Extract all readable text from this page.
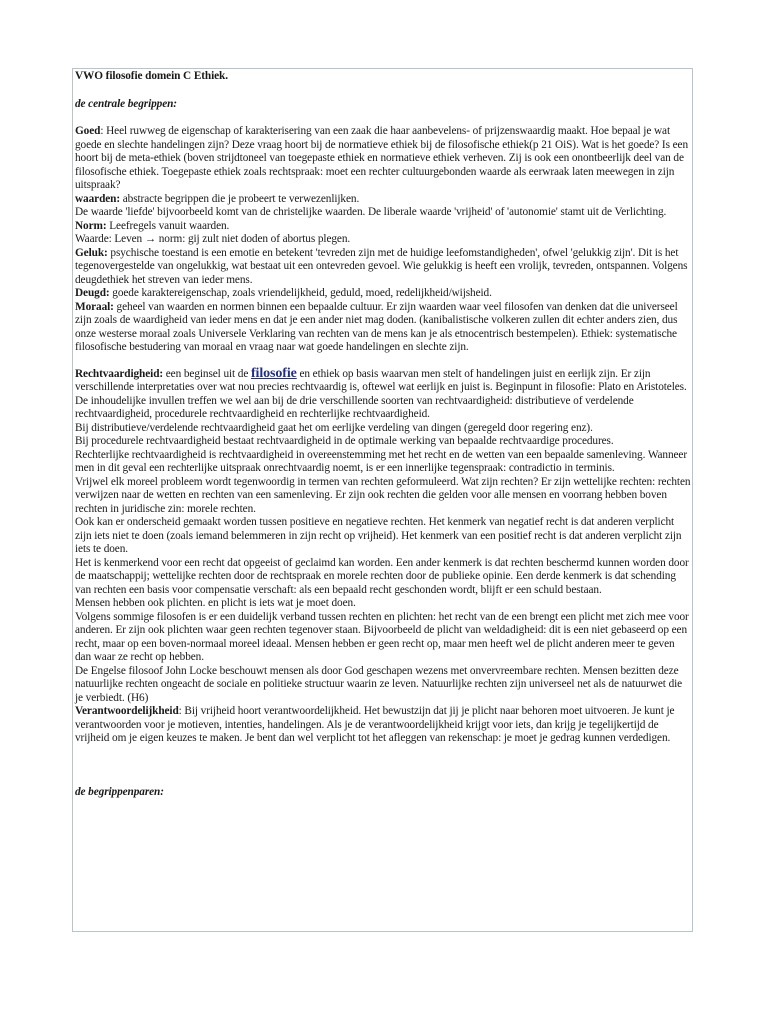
VWO filosofie domein C Ethiek.

de centrale begrippen:

Goed: Heel ruwweg de eigenschap of karakterisering van een zaak die haar aanbevelens- of prijzenswaardig maakt. Hoe bepaal je wat goede en slechte handelingen zijn? Deze vraag hoort bij de normatieve ethiek bij de filosofische ethiek(p 21 OiS). Wat is het goede? Is een hoort bij de meta-ethiek (boven strijdtoneel van toegepaste ethiek en normatieve ethiek verheven. Zij is ook een onontbeerlijk deel van de filosofische ethiek. Toegepaste ethiek zoals rechtspraak: moet een rechter cultuurgebonden waarde als eerwraak laten meewegen in zijn uitspraak?

waarden: abstracte begrippen die je probeert te verwezenlijken.

De waarde 'liefde' bijvoorbeeld komt van de christelijke waarden. De liberale waarde 'vrijheid' of 'autonomie' stamt uit de Verlichting.

Norm: Leefregels vanuit waarden.

Waarde: Leven → norm: gij zult niet doden of abortus plegen.

Geluk: psychische toestand is een emotie en betekent 'tevreden zijn met de huidige leefomstandigheden', ofwel 'gelukkig zijn'. Dit is het tegenovergestelde van ongelukkig, wat bestaat uit een ontevreden gevoel. Wie gelukkig is heeft een vrolijk, tevreden, ontspannen. Volgens deugdethiek het streven van ieder mens.

Deugd: goede karaktereigenschap, zoals vriendelijkheid, geduld, moed, redelijkheid/wijsheid.

Moraal: geheel van waarden en normen binnen een bepaalde cultuur. Er zijn waarden waar veel filosofen van denken dat die universeel zijn zoals de waardigheid van ieder mens en dat je een ander niet mag doden. (kanibalistische volkeren zullen dit echter anders zien, dus onze westerse moraal zoals Universele Verklaring van rechten van de mens kan je als etnocentrisch bestempelen). Ethiek: systematische filosofische bestudering van moraal en vraag naar wat goede handelingen en slechte zijn.

Rechtvaardigheid: een beginsel uit de filosofie en ethiek op basis waarvan men stelt of handelingen juist en eerlijk zijn. Er zijn verschillende interpretaties over wat nou precies rechtvaardig is, oftewel wat eerlijk en juist is. Beginpunt in filosofie: Plato en Aristoteles. De inhoudelijke invullen treffen we wel aan bij de drie verschillende soorten van rechtvaardigheid: distributieve of verdelende rechtvaardigheid, procedurele rechtvaardigheid en rechterlijke rechtvaardigheid.

Bij distributieve/verdelende rechtvaardigheid gaat het om eerlijke verdeling van dingen (geregeld door regering enz).

Bij procedurele rechtvaardigheid bestaat rechtvaardigheid in de optimale werking van bepaalde rechtvaardige procedures.

Rechterlijke rechtvaardigheid is rechtvaardigheid in overeenstemming met het recht en de wetten van een bepaalde samenleving. Wanneer men in dit geval een rechterlijke uitspraak onrechtvaardig noemt, is er een innerlijke tegenspraak: contradictio in terminis.

Vrijwel elk moreel probleem wordt tegenwoordig in termen van rechten geformuleerd. Wat zijn rechten? Er zijn wettelijke rechten: rechten verwijzen naar de wetten en rechten van een samenleving. Er zijn ook rechten die gelden voor alle mensen en voorrang hebben boven rechten in juridische zin: morele rechten.

Ook kan er onderscheid gemaakt worden tussen positieve en negatieve rechten. Het kenmerk van negatief recht is dat anderen verplicht zijn iets niet te doen (zoals iemand belemmeren in zijn recht op vrijheid). Het kenmerk van een positief recht is dat anderen verplicht zijn iets te doen.

Het is kenmerkend voor een recht dat opgeeist of geclaimd kan worden. Een ander kenmerk is dat rechten beschermd kunnen worden door de maatschappij; wettelijke rechten door de rechtspraak en morele rechten door de publieke opinie. Een derde kenmerk is dat schending van rechten een basis voor compensatie verschaft: als een bepaald recht geschonden wordt, blijft er een schuld bestaan.

Mensen hebben ook plichten. en plicht is iets wat je moet doen.

Volgens sommige filosofen is er een duidelijk verband tussen rechten en plichten: het recht van de een brengt een plicht met zich mee voor anderen. Er zijn ook plichten waar geen rechten tegenover staan. Bijvoorbeeld de plicht van weldadigheid: dit is een niet gebaseerd op een recht, maar op een boven-normaal moreel ideaal. Mensen hebben er geen recht op, maar men heeft wel de plicht anderen meer te geven dan waar ze recht op hebben.

De Engelse filosoof John Locke beschouwt mensen als door God geschapen wezens met onvervreembare rechten. Mensen bezitten deze natuurlijke rechten ongeacht de sociale en politieke structuur waarin ze leven. Natuurlijke rechten zijn universeel net als de natuurwet die je verbiedt. (H6)

Verantwoordelijkheid: Bij vrijheid hoort verantwoordelijkheid. Het bewustzijn dat jij je plicht naar behoren moet uitvoeren. Je kunt je verantwoorden voor je motieven, intenties, handelingen. Als je de verantwoordelijkheid krijgt voor iets, dan krijg je tegelijkertijd de vrijheid om je eigen keuzes te maken. Je bent dan wel verplicht tot het afleggen van rekenschap: je moet je gedrag kunnen verdedigen.

de begrippenparen:
